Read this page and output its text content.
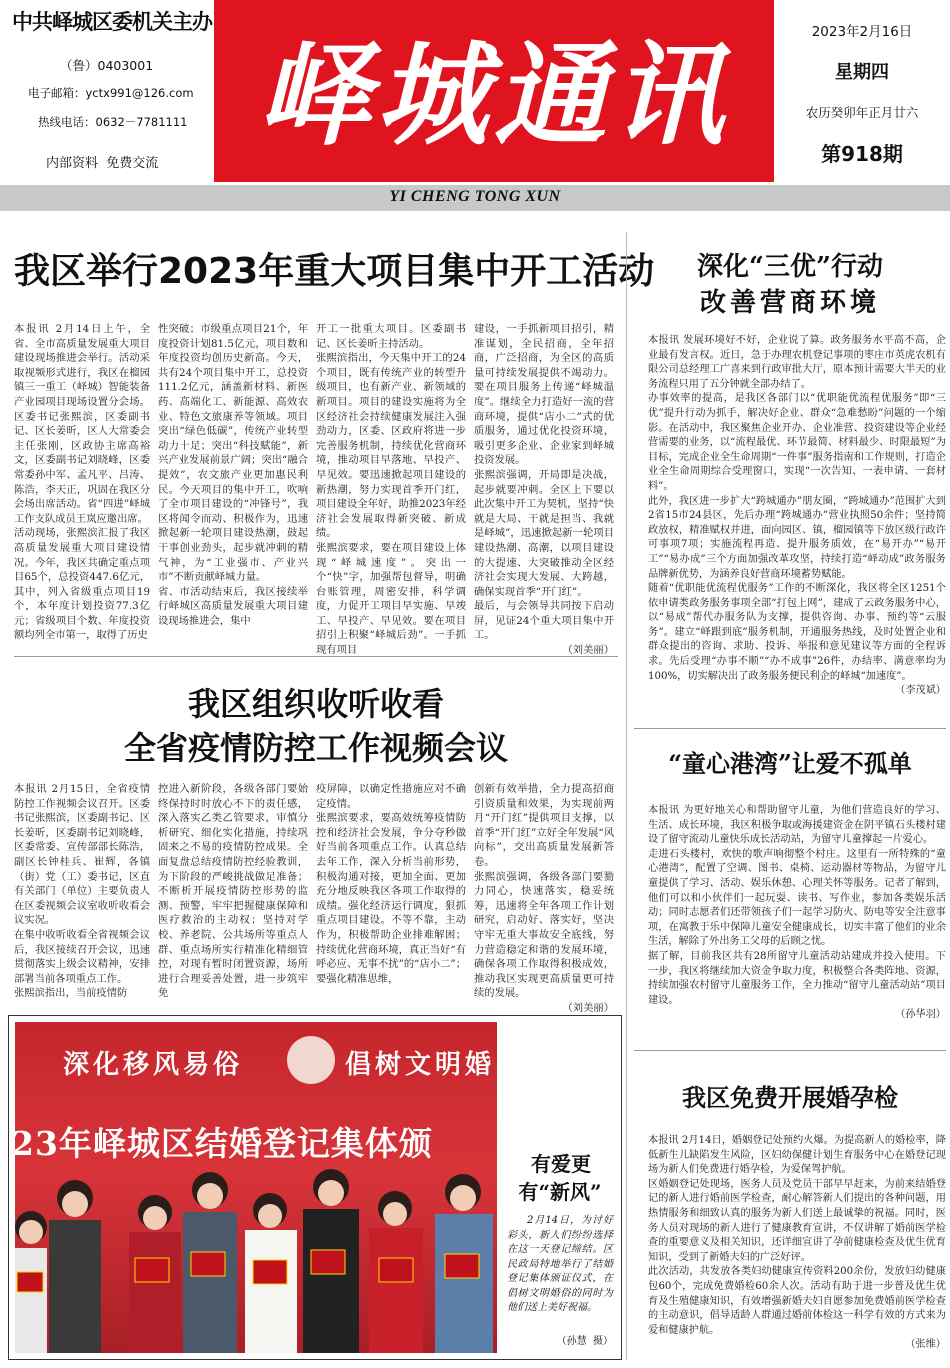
中共峄城区委机关主办
（鲁）0403001
电子邮箱：yctx991@126.com
热线电话：0632－7781111
内部资料  免费交流
峄城通讯	2023年2月16日
星期四
农历癸卯年正月廿六
第918期
YI CHENG TONG XUN
我区举行2023年重大项目集中开工活动
本报讯 2月14日上午，全省、全市高质量发展重大项目建设现场推进会举行。活动采取视频形式进行，我区在榴园镇三一重工（峄城）智能装备产业园项目现场设置分会场。区委书记张熙滨，区委副书记、区长姜昕，区人大常委会主任张刚，区政协主席高裕文，区委副书记刘晓峰，区委常委孙中军、孟凡平、吕涛、陈浩，李天正，巩固在我区分会场出席活动。省“四进”峄城工作支队成员王岚应邀出席。
活动现场，张熙滨汇报了我区高质量发展重大项目建设情况。今年，我区共确定重点项目65个，总投资447.6亿元，其中，列入省级重点项目19个，本年度计划投资77.3亿元；省级项目个数、年度投资额均列全市第一，取得了历史
性突破；市级重点项目21个，年度投资计划81.5亿元，项目数和年度投资均创历史新高。今天，共有24个项目集中开工，总投资111.2亿元，涵盖新材料、新医药、高端化工、新能源、高效农业、特色文旅康养等领域。项目突出“绿色低碳”，传统产业转型动力十足；突出“科技赋能”，新兴产业发展前景广阔；突出“融合提效”，农文旅产业更加惠民利民。今天项目的集中开工，吹响了全市项目建设的“冲锋号”，我区将闻令而动、积极作为，迅速掀起新一轮项目建设热潮，鼓起干事创业劲头，起步就冲刺的精气神，为“工业强市、产业兴市”不断贡献峄城力量。
省、市活动结束后，我区接续举行峄城区高质量发展重大项目建设现场推进会，集中
开工一批重大项目。区委副书记、区长姜昕主持活动。
张熙滨指出，今天集中开工的24个项目，既有传统产业的转型升级项目，也有新产业、新领域的新项目。项目的建设实施将为全区经济社会持续健康发展注入强劲动力，区委、区政府将进一步完善服务机制，持续优化营商环境，推动项目早落地、早投产、早见效。要迅速掀起项目建设的新热潮，努力实现首季开门红，项目建设全年好，助推2023年经济社会发展取得新突破、新成绩。
张熙滨要求，要在项目建设上体现“峄城速度”。突出一个“快”字，加强帮包督导，明确台账管理，周密安排，科学调度，力促开工项目早实施、早竣工、早投产、早见效。要在项目招引上积聚“峄城后劲”。一手抓现有项目
建设，一手抓新项目招引，精准谋划，全民招商，全年招商，广泛招商，为全区的高质量可持续发展提供不竭动力。要在项目服务上传递“峄城温度”。继续全力打造好一流的营商环境，提供“店小二”式的优质服务，通过优化投资环境，吸引更多企业、企业家到峄城投资发展。
张熙滨强调，开局即是决战，起步就要冲刺。全区上下要以此次集中开工为契机，坚持“快就是大局、干就是担当、我就是峄城”，迅速掀起新一轮项目建设热潮、高潮，以项目建设的大提速、大突破推动全区经济社会实现大发展、大跨越，确保实现首季“开门红”。
最后，与会领导共同按下启动屏，见证24个重大项目集中开工。
（刘美丽）
我区组织收听收看
全省疫情防控工作视频会议
本报讯 2月15日，全省疫情防控工作视频会议召开。区委书记张熙滨，区委副书记、区长姜昕，区委副书记刘晓峰，区委常委、宣传部部长陈浩，副区长钟桂兵、崔辉，各镇（街）党（工）委书记，区直有关部门（单位）主要负责人在区委视频会议室收听收看会议实况。
在集中收听收看全省视频会议后，我区接续召开会议，迅速贯彻落实上级会议精神，安排部署当前各项重点工作。
张熙滨指出，当前疫情防
控进入新阶段，各级各部门要始终保持时时放心不下的责任感，深入落实乙类乙管要求，审慎分析研究、细化实化措施，持续巩固来之不易的疫情防控成果。全面复盘总结疫情防控经验教训，为下阶段的严峻挑战做足准备；不断析开展疫情防控形势的监测、预警，牢牢把握健康保障和医疗救治的主动权；坚持对学校、养老院、公共场所等重点人群、重点场所实行精准化精细管控，对现有暂时闭置资源，场所进行合理妥善处置，进一步筑牢免
疫屏障，以确定性措施应对不确定疫情。
张熙滨要求，要高效统筹疫情防控和经济社会发展，争分夺秒做好当前各项重点工作。认真总结去年工作，深入分析当前形势，积极沟通对接，更加全面、更加充分地反映我区各项工作取得的成绩。强化经济运行调度，狠抓重点项目建设。不等不靠，主动作为，积极帮助企业排难解困；持续优化营商环境，真正当好“有呼必应、无事不扰”的“店小二”；要强化精准思维，
创新有效举措，全力提高招商引资质量和效果，为实现前两月“开门红”提供项目支撑，以首季“开门红”立好全年发展“风向标”，交出高质量发展新答卷。
张熙滨强调，各级各部门要勠力同心，快速落实，稳妥统筹，迅速将全年各项工作计划研究，启动好、落实好，坚决守牢无重大事故安全底线，努力营造稳定和谐的发展环境，确保各项工作取得积极成效，推动我区实现更高质量更可持续的发展。
（刘美丽）
深化移风易俗	倡树文明婚
23年峄城区结婚登记集体颁
有爱更
有“新风”
2月14日，为讨好彩头，新人们纷纷选择在这一天登记缔结。区民政局特地举行了结婚登记集体颁证仪式，在倡树文明婚俗的同时为他们送上美好祝福。
（孙慧  摄）
深化“三优”行动
改善营商环境
本报讯 发展环境好不好，企业说了算。政务服务水平高不高，企业最有发言权。近日，急于办理农机登记事项的枣庄市英虎农机有限公司总经理工广喜来到行政审批大厅，原本预计需要大半天的业务流程只用了五分钟就全部办结了。
办事效率的提高，是我区各部门以“优职能优流程优服务”即“三优”提升行动为抓手，解决好企业、群众“急难愁盼”问题的一个缩影。在活动中，我区聚焦企业开办、企业准营、投资建设等企业经营需要的业务，以“流程最优、环节最简、材料最少、时限最短”为目标，完成企业全生命周期“一件事”服务指南和工作规则，打造企业全生命周期综合受理窗口，实现“一次告知、一表申请、一套材料”。
此外，我区进一步扩大“跨城通办”朋友圈，“跨城通办”范围扩大到2省15市24县区，先后办理“跨城通办”营业执照50余件；坚持简政放权，精准赋权并进，面向园区、镇，榴园镇等下放区级行政许可事项7项；实施流程再造、提升服务质效，在“易开办”“易开工”“易办成”三个方面加强改革攻坚，持续打造“峄动成”政务服务品牌新优势，为涵养良好营商环境蓄势赋能。
随着“优职能优流程优服务”工作的不断深化，我区将全区1251个依申请类政务服务事项全部“打包上网”，建成了云政务服务中心，以“易成”帮代办服务队为支撑，提供咨询、办事、预约等“云服务”。建立“峄跟到底”服务机制，开通服务热线，及时处置企业和群众提出的咨询、求助、投诉、举报和意见建议等方面的全程诉求。先后受理“办事不顺”“办不成事”26件，办结率、满意率均为100%，切实解决出了政务服务便民利企的峄城“加速度”。
（李茂斌）
“童心港湾”让爱不孤单
本报讯 为更好地关心和帮助留守儿童，为他们营造良好的学习、生活、成长环境，我区积极争取或海援建资金在阴平镇石头楼村建设了留守流动儿童快乐成长活动站，为留守儿童撑起一片爱心。
走进石头楼村，欢快的歌声响彻整个村庄。这里有一所特殊的“童心港湾”，配置了空调、图书、桌椅、运动器材等物品，为留守儿童提供了学习、活动、娱乐休憩、心理关怀等服务。记者了解到，他们可以和小伙伴们一起玩耍、读书、写作业，参加各类娱乐活动；同时志愿者们还带领孩子们一起学习防火、防电等安全注意事项，在寓教于乐中保障儿童安全健康成长，切实丰富了他们的业余生活，解除了外出务工父母的后顾之忧。
据了解，目前我区共有28所留守儿童活动站建成并投入使用。下一步，我区将继续加大资金争取力度，积极整合各类阵地、资源，持续加强农村留守儿童服务工作，全力推动“留守儿童活动站”项目建设。
（孙华羽）
我区免费开展婚孕检
本报讯 2月14日，婚姻登记处预约火爆。为提高新人的婚检率，降低新生儿缺陷发生风险，区妇幼保健计划生育服务中心在婚登记现场为新人们免费进行婚孕检，为爱保驾护航。
区婚姻登记处现场，医务人员及党员干部早早赶来，为前来结婚登记的新人进行婚前医学检查，耐心解答新人们提出的各种问题，用热情服务和细致认真的服务为新人们送上最诚挚的祝福。同时，医务人员对现场的新人进行了健康教育宣讲，不仅讲解了婚前医学检查的重要意义及相关知识，还详细宣讲了孕前健康检查及优生优育知识，受到了新婚夫妇的广泛好评。
此次活动，共发放各类妇幼健康宣传资料200余份，发放妇幼健康包60个，完成免费婚检60余人次。活动有助于进一步普及优生优育及生殖健康知识，有效增强新婚夫妇自愿参加免费婚前医学检查的主动意识，倡导适龄人群通过婚前体检这一科学有效的方式来为爱和健康护航。
（张维）
